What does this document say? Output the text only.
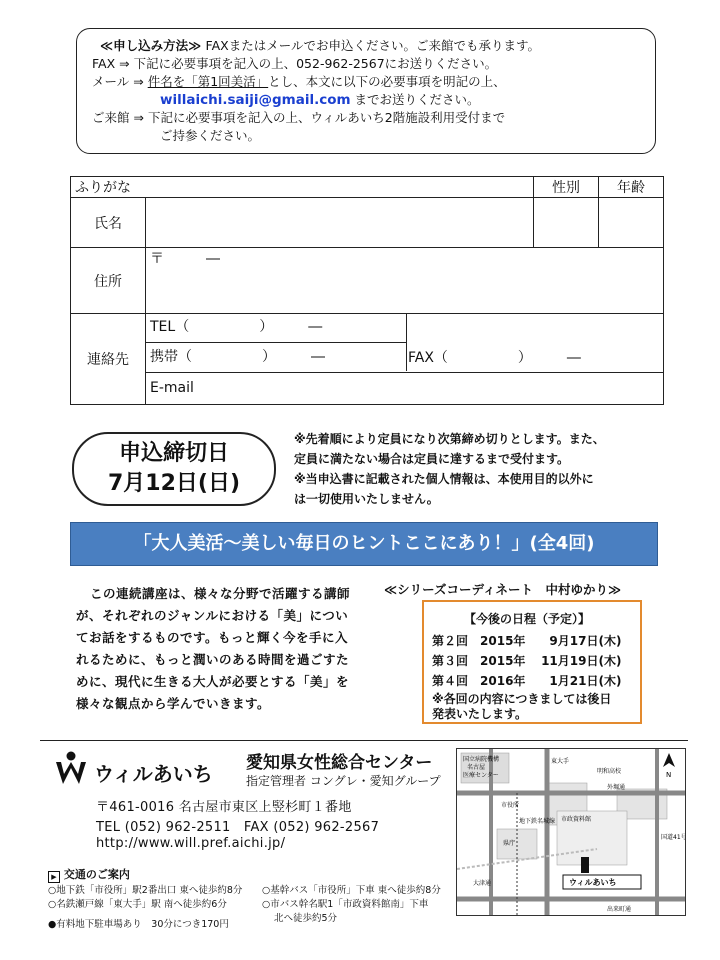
≪申し込み方法≫ FAXまたはメールでお申込ください。ご来館でも承ります。
FAX ⇒ 下記に必要事項を記入の上、052-962-2567にお送りください。
メール ⇒ 件名を「第1回美活」とし、本文に以下の必要事項を明記の上、
willaichi.saiji@gmail.com までお送りください。
ご来館 ⇒ 下記に必要事項を記入の上、ウィルあいち2階施設利用受付まで
ご持参ください。
ふりがな		性別	年齢
氏名			
住所	〒　　　―		
連絡先	TEL（　　　　　）　　　―
携帯（　　　　　）　　　― FAX（　　　　　）　　　―
E-mail		
申込締切日
7月12日(日)
※先着順により定員になり次第締め切りとします。また、
定員に満たない場合は定員に達するまで受付ます。
※当申込書に記載された個人情報は、本使用目的以外に
は一切使用いたしません。
「大人美活～美しい毎日のヒントここにあり！」(全4回)
この連続講座は、様々な分野で活躍する講師
が、それぞれのジャンルにおける「美」につい
てお話をするものです。もっと輝く今を手に入
れるために、もっと潤いのある時間を過ごすた
めに、現代に生きる大人が必要とする「美」を
様々な観点から学んでいきます。
≪シリーズコーディネート　中村ゆかり≫
【今後の日程（予定）】
第２回　 2015年　 9月17日(木)
第３回　 2015年　 11月19日(木)
第４回　 2016年　 1月21日(木)
※各回の内容につきましては後日
発表いたします。
ウィルあいち 愛知県女性総合センター
指定管理者 コングレ・愛知グループ
〒461-0016 名古屋市東区上竪杉町１番地
TEL (052) 962-2511　FAX (052) 962-2567
http://www.will.pref.aichi.jp/
▶ 交通のご案内
○地下鉄「市役所」駅2番出口 東へ徒歩約8分
○名鉄瀬戸線「東大手」駅 南へ徒歩約6分
○基幹バス「市役所」下車 東へ徒歩約8分
○市バス幹名駅1「市政資料館南」下車
北へ徒歩約5分
●有料地下駐車場あり　30分につき170円
N
国立病院機構
名古屋
医療センター
東大手
明和高校
市役所
外堀通
地下鉄名城線 市政資料館
県庁
出来町通
国道41号
ウィルあいち
大津通
